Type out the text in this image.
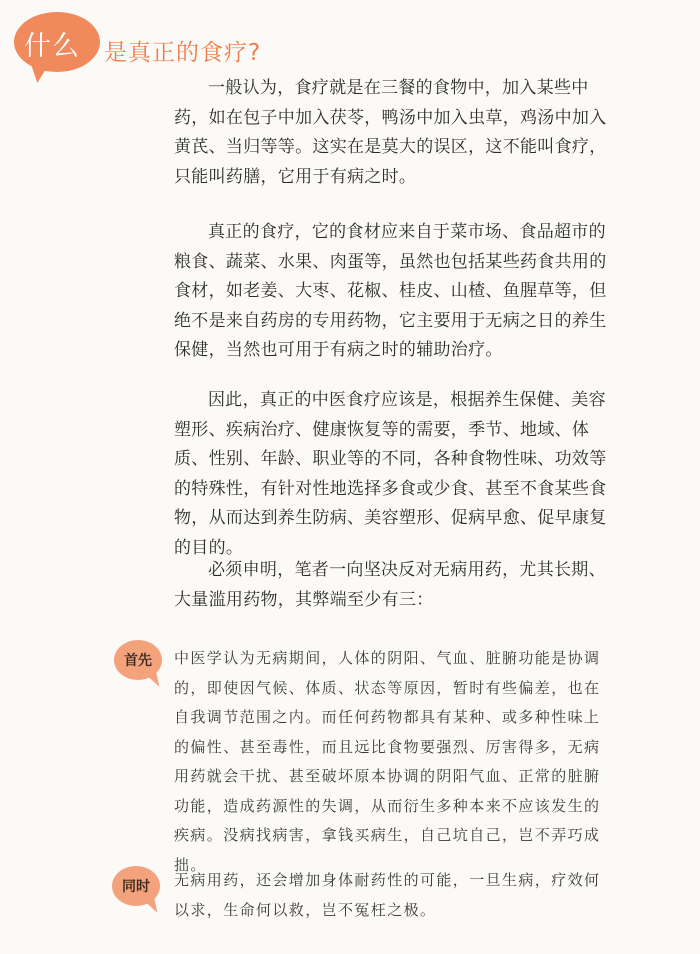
什么 是真正的食疗?

一般认为，食疗就是在三餐的食物中，加入某些中药，如在包子中加入茯苓，鸭汤中加入虫草，鸡汤中加入黄芪、当归等等。这实在是莫大的误区，这不能叫食疗，只能叫药膳，它用于有病之时。

真正的食疗，它的食材应来自于菜市场、食品超市的粮食、蔬菜、水果、肉蛋等，虽然也包括某些药食共用的食材，如老姜、大枣、花椒、桂皮、山楂、鱼腥草等，但绝不是来自药房的专用药物，它主要用于无病之日的养生保健，当然也可用于有病之时的辅助治疗。

因此，真正的中医食疗应该是，根据养生保健、美容塑形、疾病治疗、健康恢复等的需要，季节、地域、体质、性别、年龄、职业等的不同，各种食物性味、功效等的特殊性，有针对性地选择多食或少食、甚至不食某些食物，从而达到养生防病、美容塑形、促病早愈、促早康复的目的。

必须申明，笔者一向坚决反对无病用药，尤其长期、大量滥用药物，其弊端至少有三：

首先	中医学认为无病期间，人体的阴阳、气血、脏腑功能是协调的，即使因气候、体质、状态等原因，暂时有些偏差，也在自我调节范围之内。而任何药物都具有某种、或多种性味上的偏性、甚至毒性，而且远比食物要强烈、厉害得多，无病用药就会干扰、甚至破坏原本协调的阴阳气血、正常的脏腑功能，造成药源性的失调，从而衍生多种本来不应该发生的疾病。没病找病害，拿钱买病生，自己坑自己，岂不弄巧成拙。

同时	无病用药，还会增加身体耐药性的可能，一旦生病，疗效何以求，生命何以救，岂不冤枉之极。
